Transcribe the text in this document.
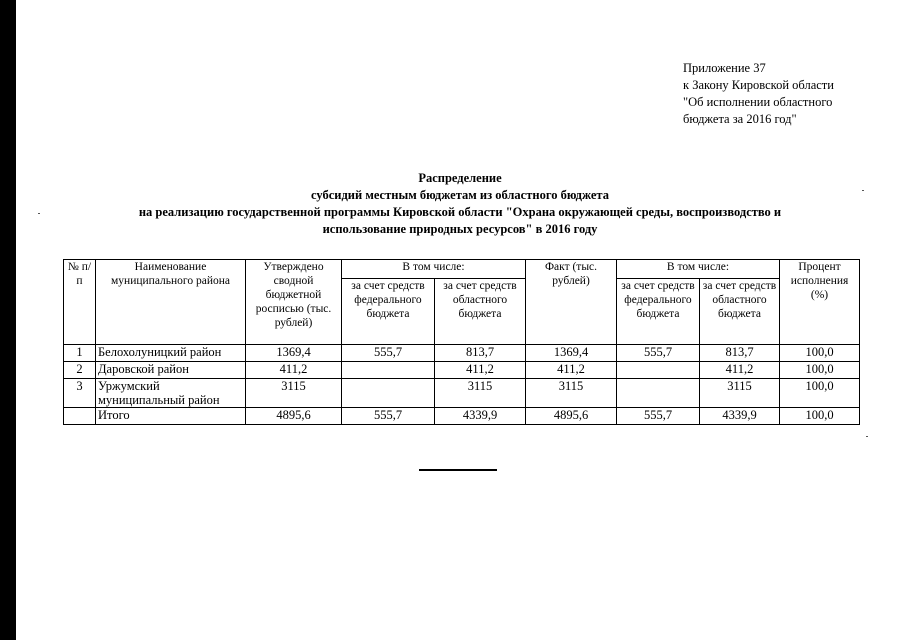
Приложение 37
к Закону Кировской области
"Об исполнении областного
бюджета за 2016 год"
Распределение
субсидий местным бюджетам из областного бюджета
на реализацию государственной программы Кировской области "Охрана окружающей среды, воспроизводство и
использование природных ресурсов" в 2016 году
№ п/п	Наименование муниципального района	Утверждено сводной бюджетной росписью (тыс. рублей)	В том числе:		Факт (тыс. рублей)	В том числе:		Процент исполнения (%)
			за счет средств федерального бюджета	за счет средств областного бюджета		за счет средств федерального бюджета	за счет средств областного бюджета	
1	Белохолуницкий район	1369,4	555,7	813,7	1369,4	555,7	813,7	100,0
2	Даровской район	411,2		411,2	411,2		411,2	100,0
3	Уржумский муниципальный район	3115		3115	3115		3115	100,0
	Итого	4895,6	555,7	4339,9	4895,6	555,7	4339,9	100,0
